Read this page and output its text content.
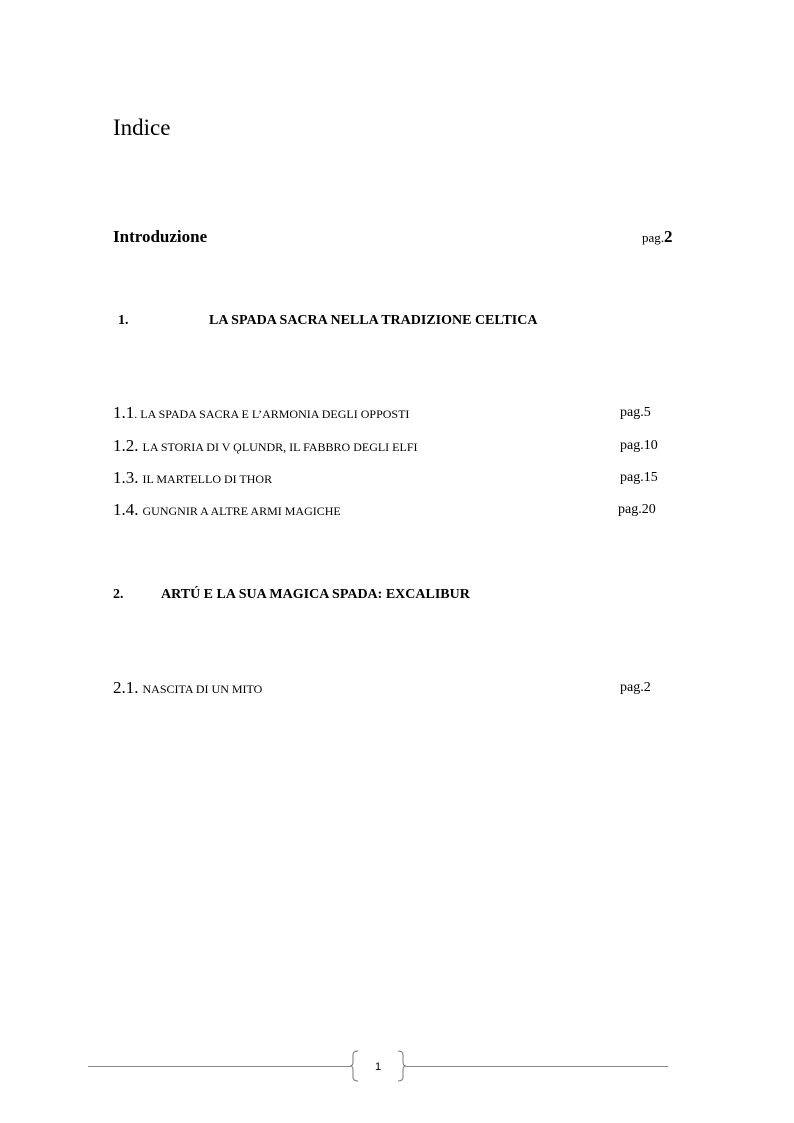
Indice
Introduzione	pag.2
1.	LA SPADA SACRA NELLA TRADIZIONE CELTICA
1.1. LA SPADA SACRA E L’ARMONIA DEGLI OPPOSTI	pag.5
1.2. LA STORIA DI V ǪLUNDR, IL FABBRO DEGLI ELFI	pag.10
1.3. IL MARTELLO DI THOR	pag.15
1.4. GUNGNIR A ALTRE ARMI MAGICHE	pag.20
2.	ARTÚ E LA SUA MAGICA SPADA: EXCALIBUR
2.1. NASCITA DI UN MITO	pag.2
1
